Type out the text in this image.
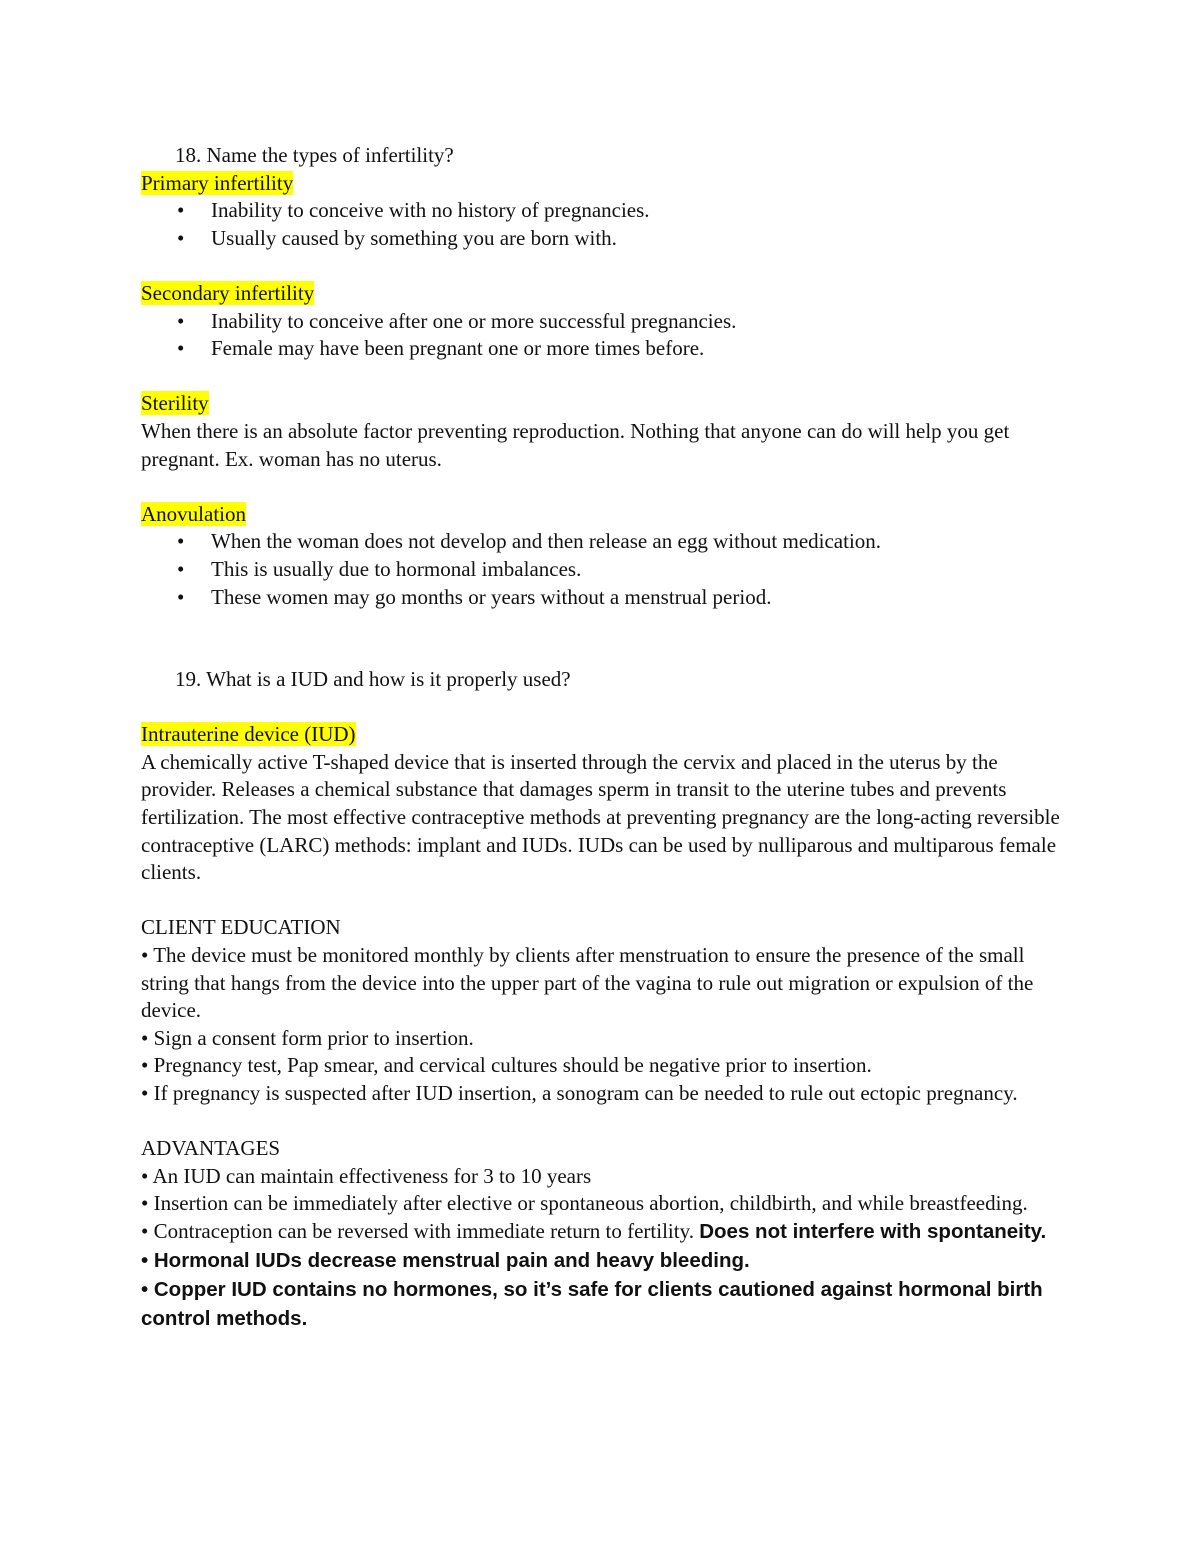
18. Name the types of infertility?

Primary infertility

• Inability to conceive with no history of pregnancies.
• Usually caused by something you are born with.

Secondary infertility

• Inability to conceive after one or more successful pregnancies.
• Female may have been pregnant one or more times before.

Sterility

When there is an absolute factor preventing reproduction. Nothing that anyone can do will help you get pregnant. Ex. woman has no uterus.

Anovulation

• When the woman does not develop and then release an egg without medication.
• This is usually due to hormonal imbalances.
• These women may go months or years without a menstrual period.

19. What is a IUD and how is it properly used?

Intrauterine device (IUD)

A chemically active T-shaped device that is inserted through the cervix and placed in the uterus by the provider. Releases a chemical substance that damages sperm in transit to the uterine tubes and prevents fertilization. The most effective contraceptive methods at preventing pregnancy are the long-acting reversible contraceptive (LARC) methods: implant and IUDs. IUDs can be used by nulliparous and multiparous female clients.

CLIENT EDUCATION

• The device must be monitored monthly by clients after menstruation to ensure the presence of the small string that hangs from the device into the upper part of the vagina to rule out migration or expulsion of the device.

• Sign a consent form prior to insertion.

• Pregnancy test, Pap smear, and cervical cultures should be negative prior to insertion.

• If pregnancy is suspected after IUD insertion, a sonogram can be needed to rule out ectopic pregnancy.

ADVANTAGES

• An IUD can maintain effectiveness for 3 to 10 years

• Insertion can be immediately after elective or spontaneous abortion, childbirth, and while breastfeeding.

• Contraception can be reversed with immediate return to fertility. Does not interfere with spontaneity.

• Hormonal IUDs decrease menstrual pain and heavy bleeding.

• Copper IUD contains no hormones, so it’s safe for clients cautioned against hormonal birth control methods.
